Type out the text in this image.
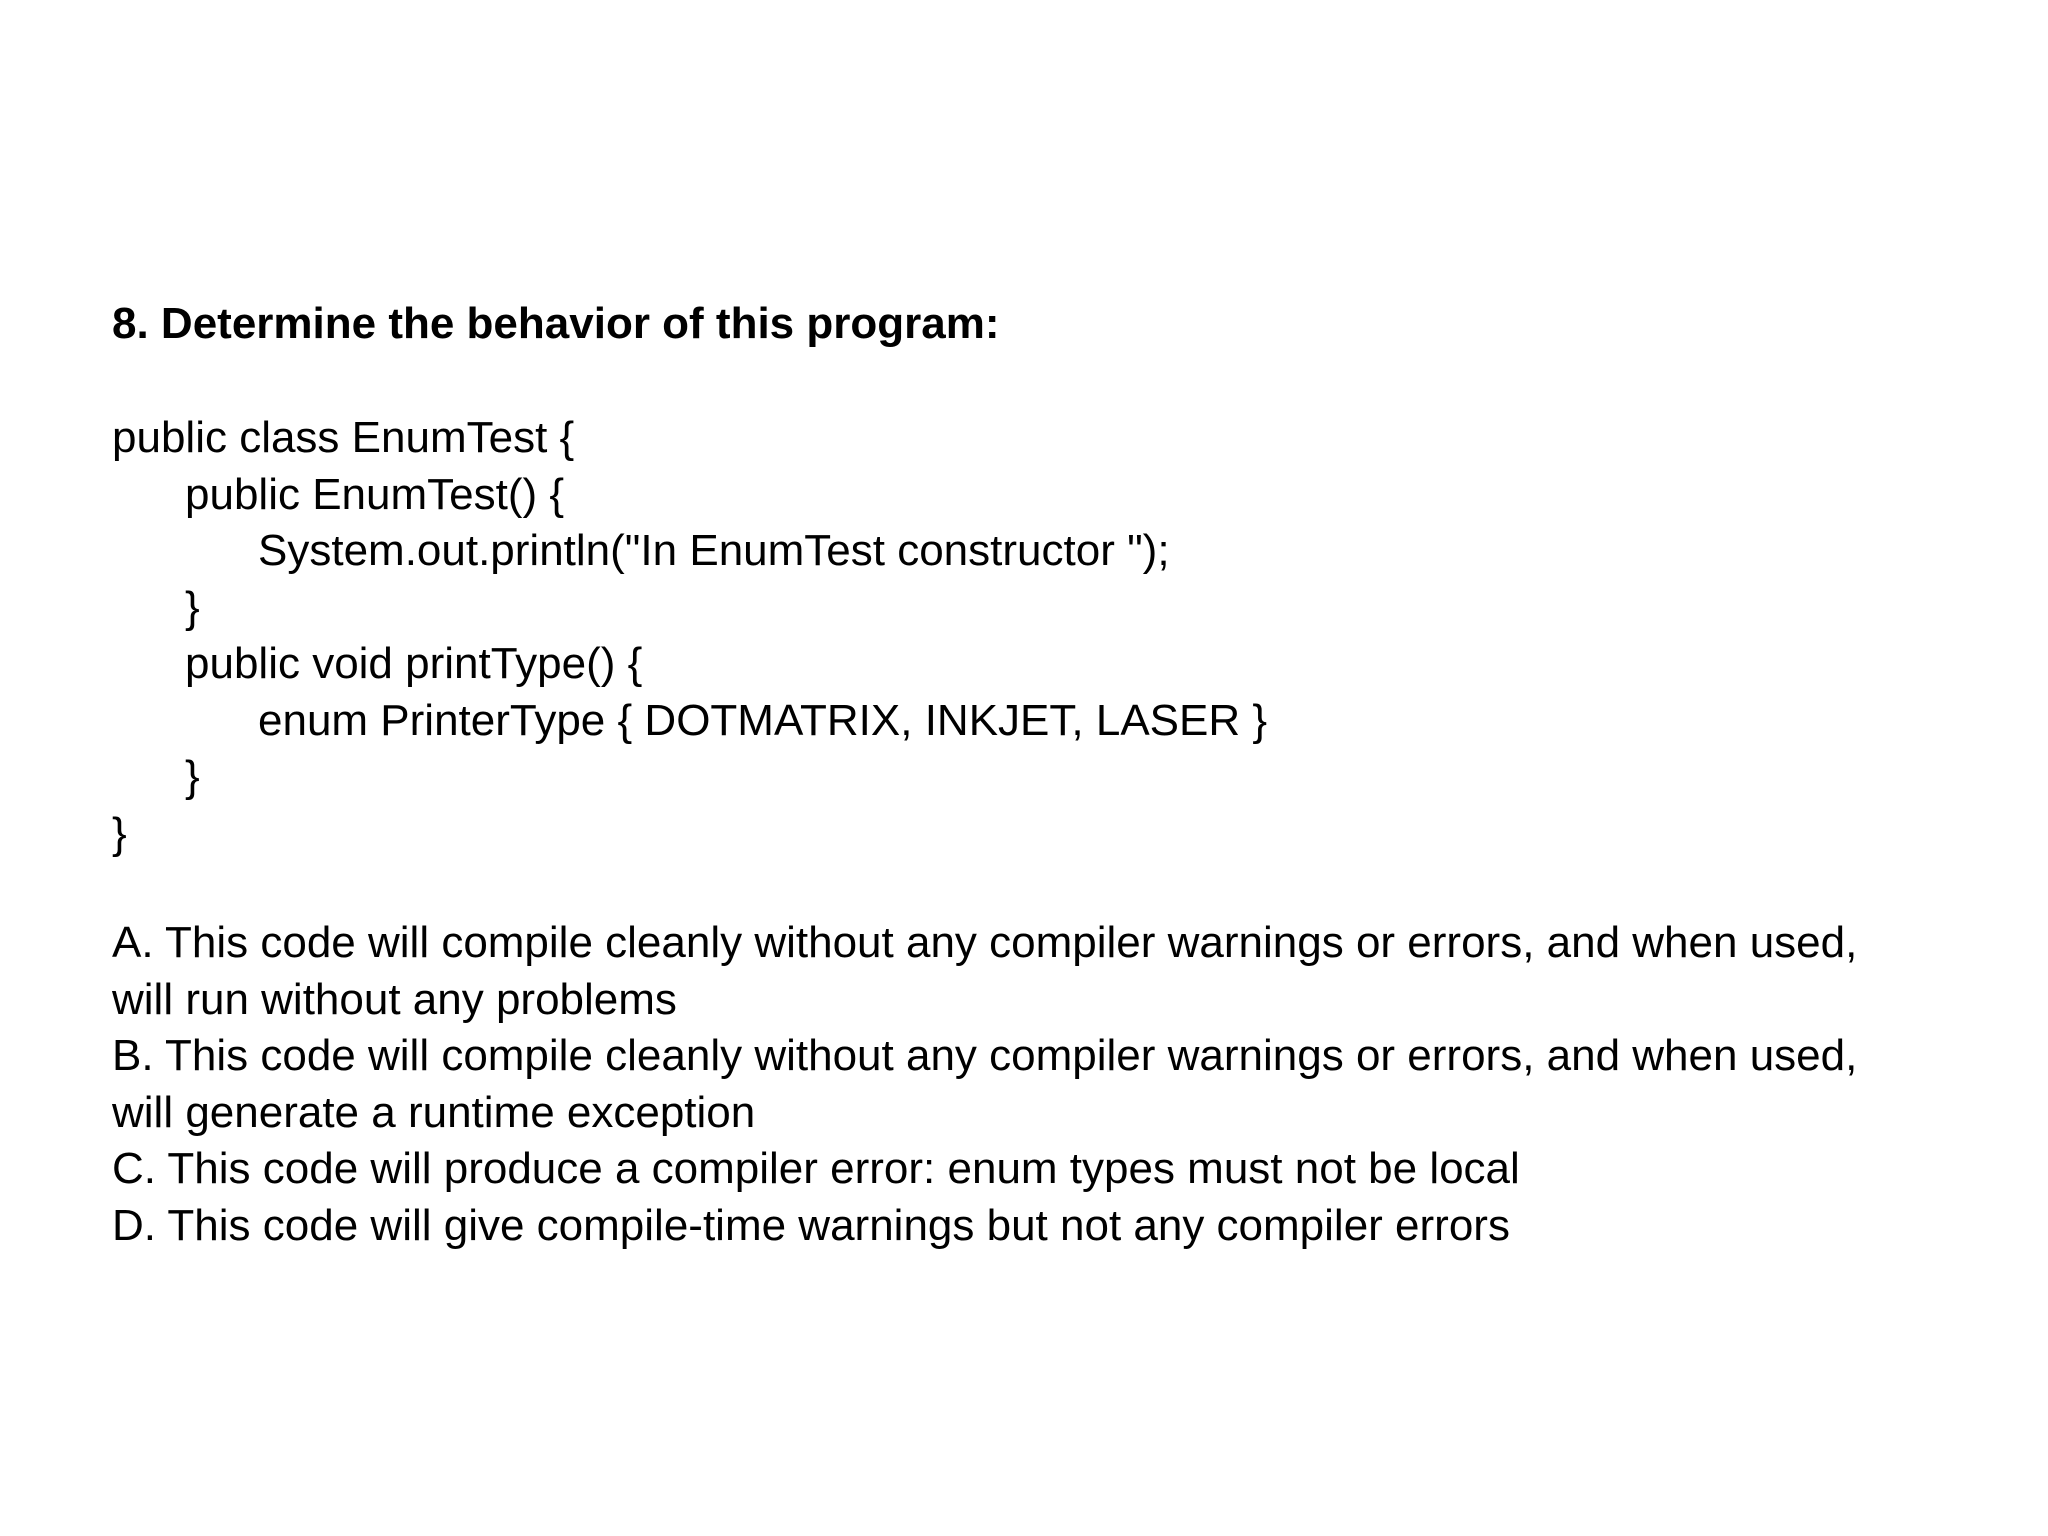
8. Determine the behavior of this program:
public class EnumTest {
public EnumTest() {
System.out.println("In EnumTest constructor ");
}
public void printType() {
enum PrinterType { DOTMATRIX, INKJET, LASER }
}
}
A. This code will compile cleanly without any compiler warnings or errors, and when used,
will run without any problems
B. This code will compile cleanly without any compiler warnings or errors, and when used,
will generate a runtime exception
C. This code will produce a compiler error: enum types must not be local
D. This code will give compile-time warnings but not any compiler errors
